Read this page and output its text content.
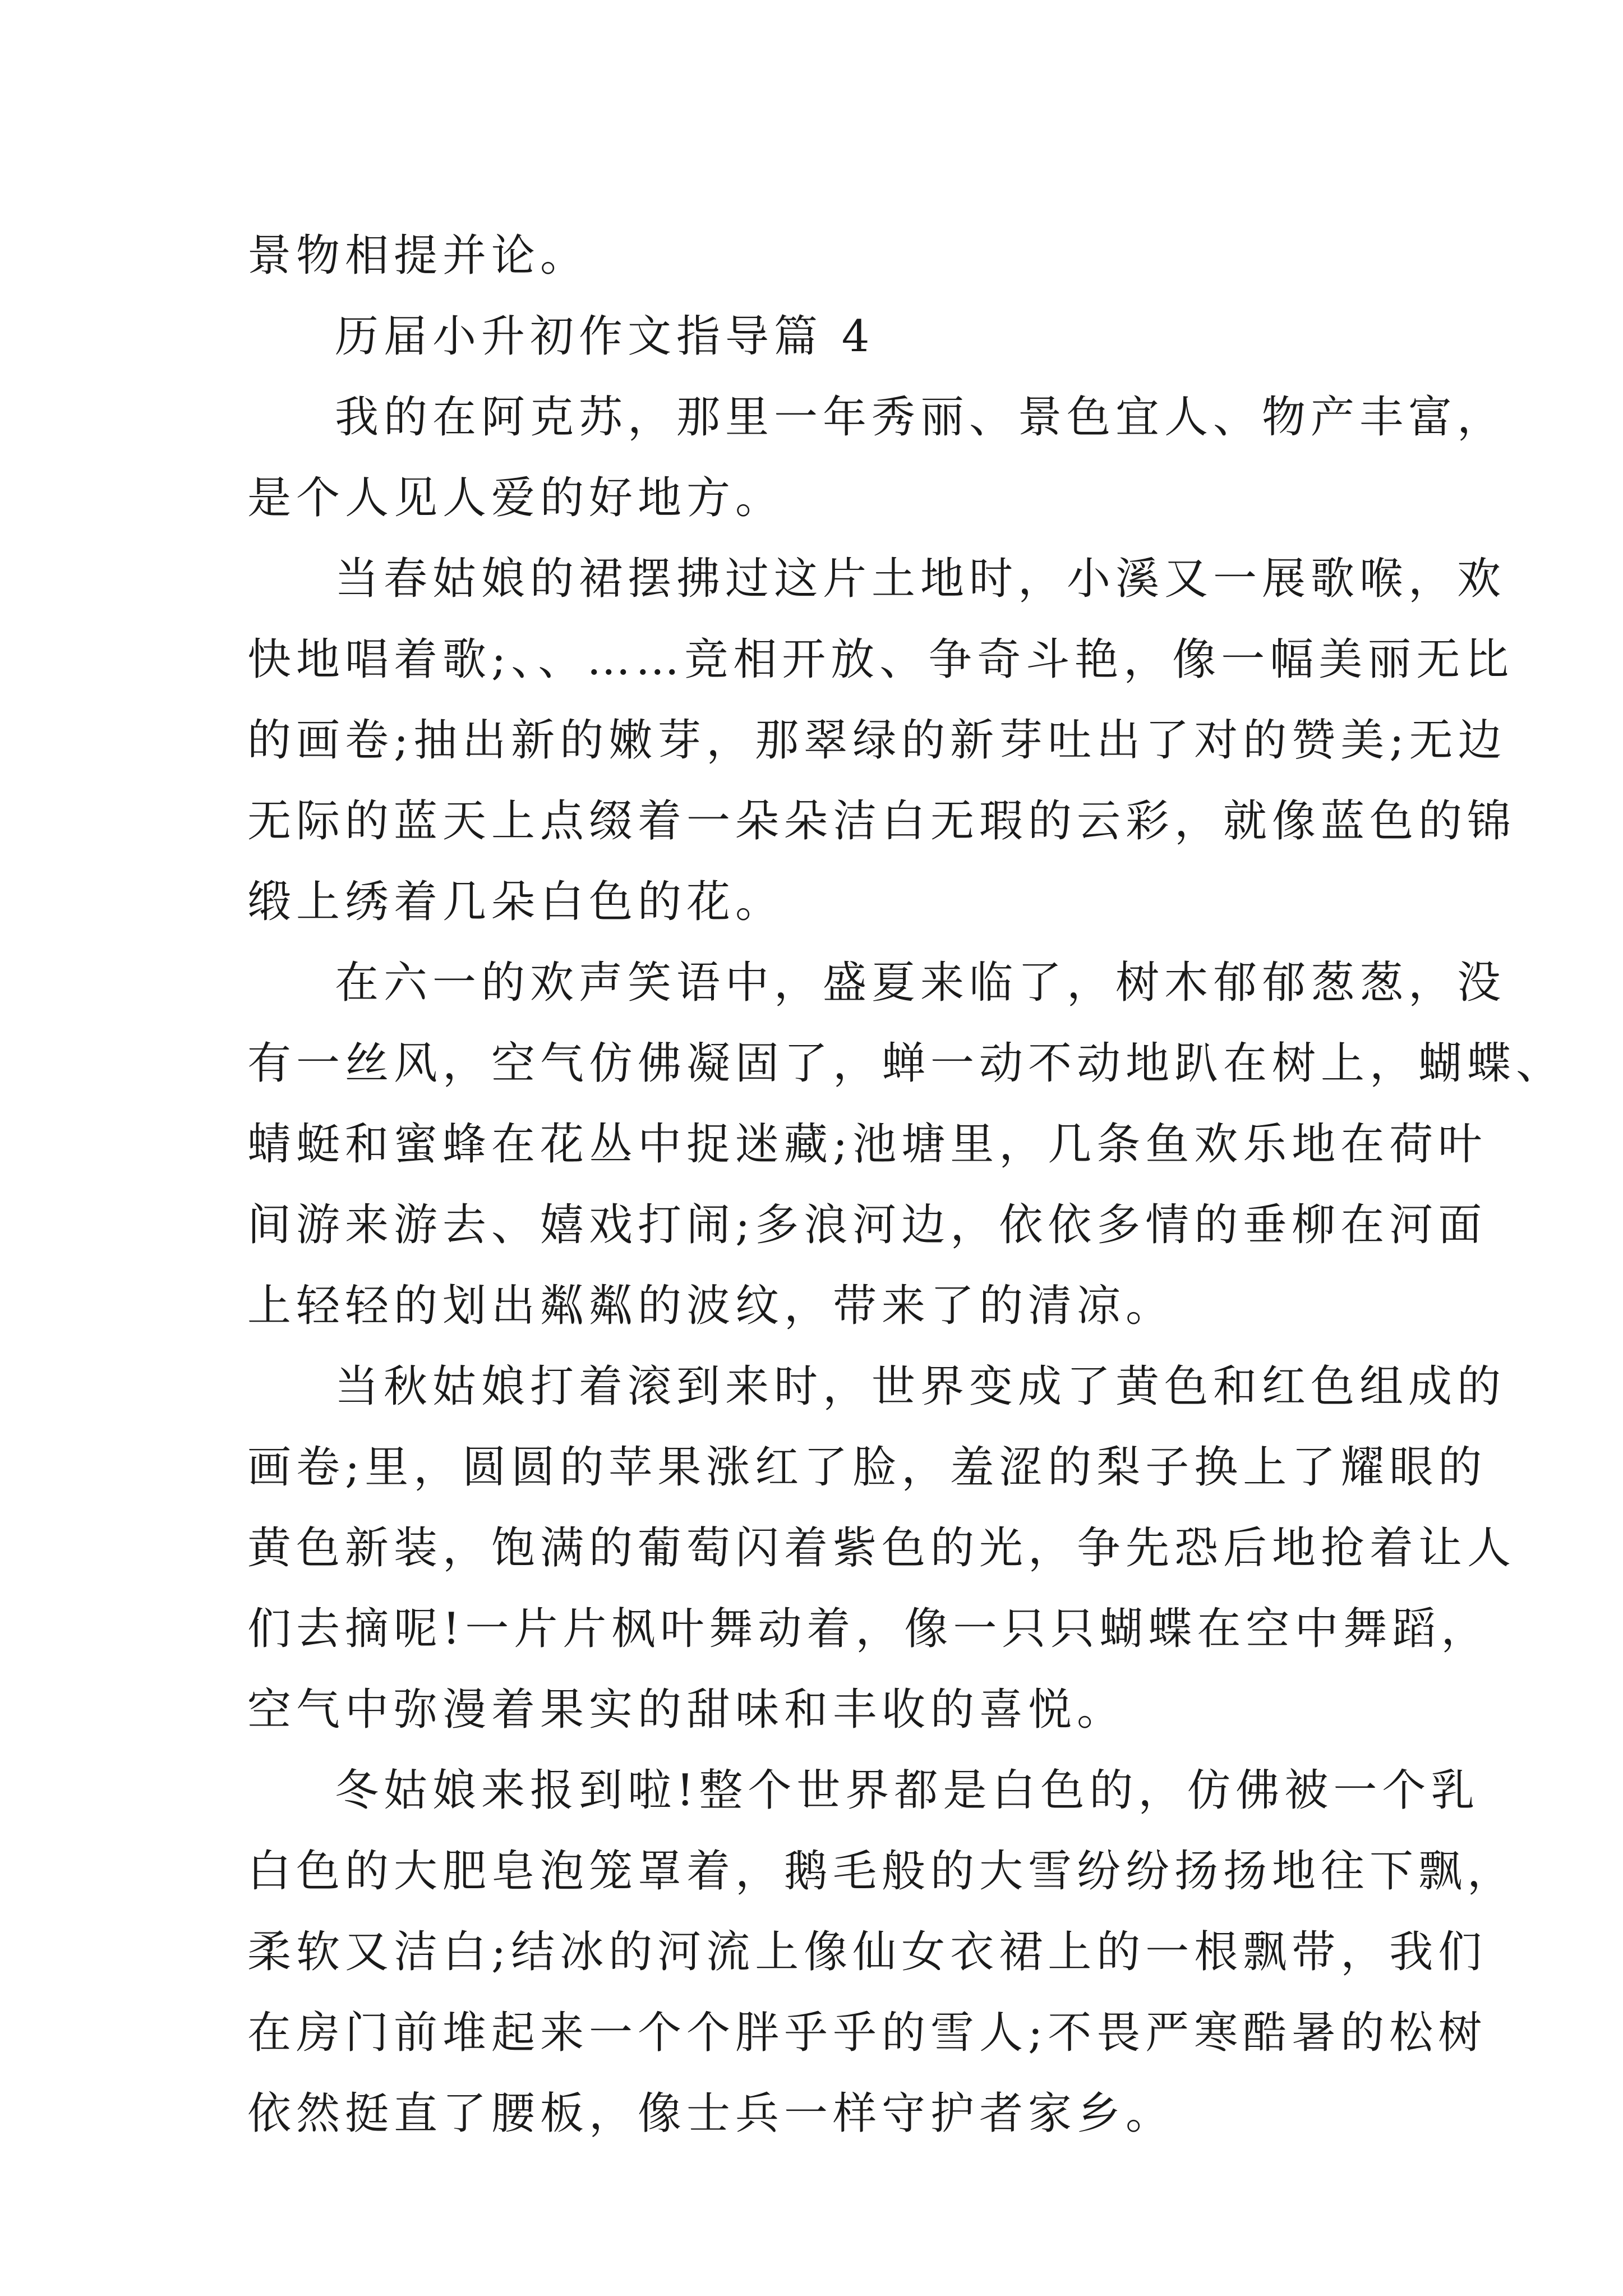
景物相提并论。
历届小升初作文指导篇 4
我的在阿克苏，那里一年秀丽、景色宜人、物产丰富，
是个人见人爱的好地方。
当春姑娘的裙摆拂过这片土地时，小溪又一展歌喉，欢
快地唱着歌;、、……竞相开放、争奇斗艳，像一幅美丽无比
的画卷;抽出新的嫩芽，那翠绿的新芽吐出了对的赞美;无边
无际的蓝天上点缀着一朵朵洁白无瑕的云彩，就像蓝色的锦
缎上绣着几朵白色的花。
在六一的欢声笑语中，盛夏来临了，树木郁郁葱葱，没
有一丝风，空气仿佛凝固了，蝉一动不动地趴在树上，蝴蝶、
蜻蜓和蜜蜂在花丛中捉迷藏;池塘里，几条鱼欢乐地在荷叶
间游来游去、嬉戏打闹;多浪河边，依依多情的垂柳在河面
上轻轻的划出粼粼的波纹，带来了的清凉。
当秋姑娘打着滚到来时，世界变成了黄色和红色组成的
画卷;里，圆圆的苹果涨红了脸，羞涩的梨子换上了耀眼的
黄色新装，饱满的葡萄闪着紫色的光，争先恐后地抢着让人
们去摘呢!一片片枫叶舞动着，像一只只蝴蝶在空中舞蹈，
空气中弥漫着果实的甜味和丰收的喜悦。
冬姑娘来报到啦!整个世界都是白色的，仿佛被一个乳
白色的大肥皂泡笼罩着，鹅毛般的大雪纷纷扬扬地往下飘，
柔软又洁白;结冰的河流上像仙女衣裙上的一根飘带，我们
在房门前堆起来一个个胖乎乎的雪人;不畏严寒酷暑的松树
依然挺直了腰板，像士兵一样守护者家乡。
